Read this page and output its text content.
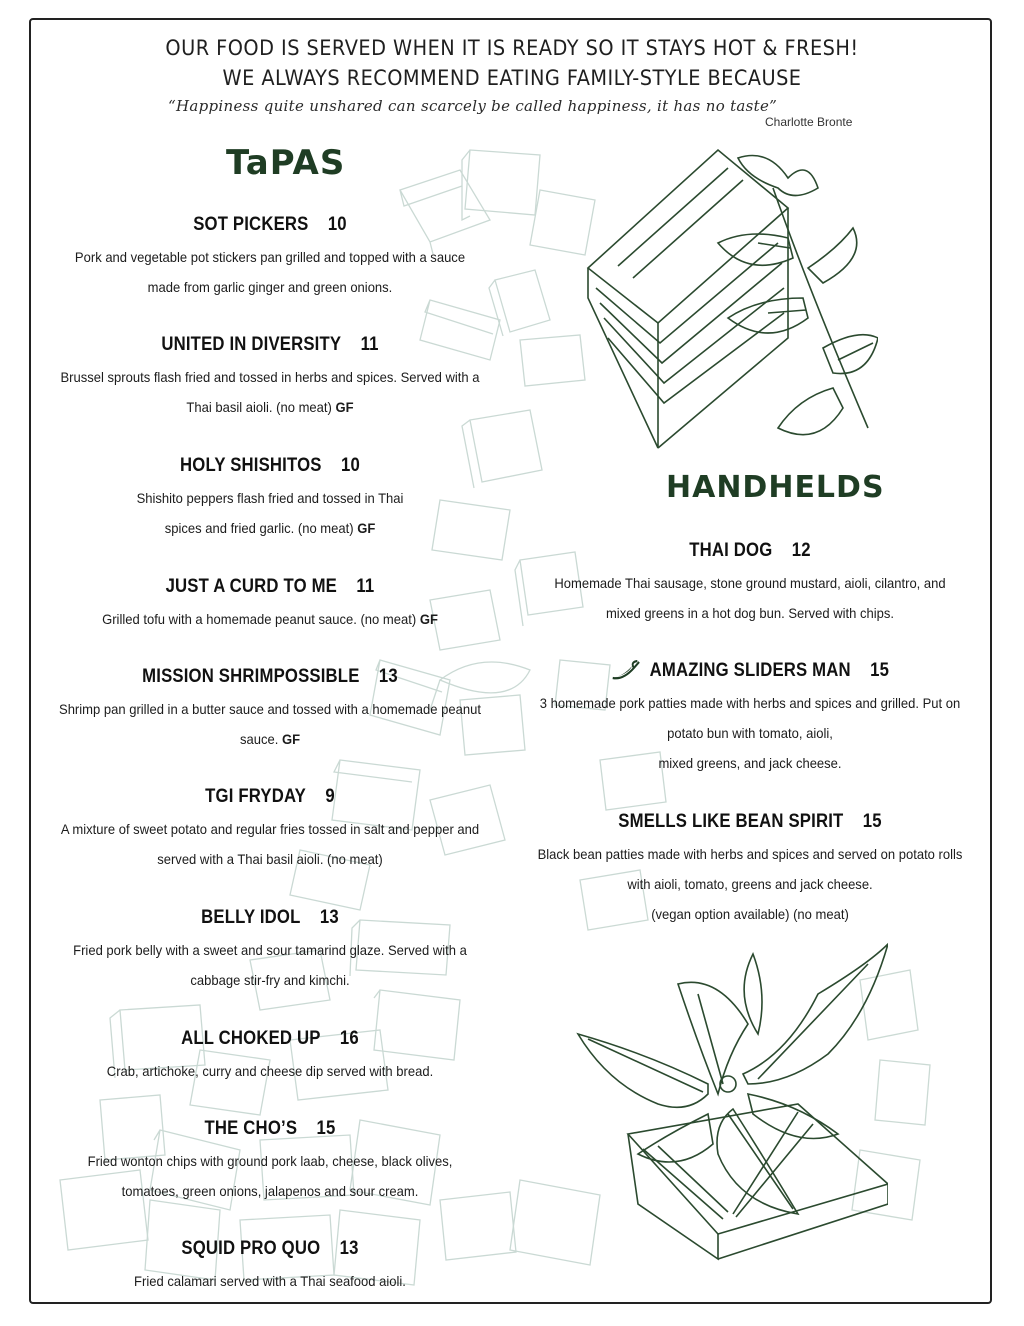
OUR FOOD IS SERVED WHEN IT IS READY SO IT STAYS HOT & FRESH!
WE ALWAYS RECOMMEND EATING FAMILY-STYLE BECAUSE
“Happiness quite unshared can scarcely be called happiness, it has no taste”
Charlotte Bronte
TaPAS
HANDHELDS
SOT PICKERS 10
Pork and vegetable pot stickers pan grilled and topped with a sauce
made from garlic ginger and green onions.
UNITED IN DIVERSITY 11
Brussel sprouts flash fried and tossed in herbs and spices. Served with a
Thai basil aioli. (no meat) GF
HOLY SHISHITOS 10
Shishito peppers flash fried and tossed in Thai
spices and fried garlic. (no meat) GF
JUST A CURD TO ME 11
Grilled tofu with a homemade peanut sauce. (no meat) GF
MISSION SHRIMPOSSIBLE 13
Shrimp pan grilled in a butter sauce and tossed with a homemade peanut
sauce. GF
TGI FRYDAY 9
A mixture of sweet potato and regular fries tossed in salt and pepper and
served with a Thai basil aioli. (no meat)
BELLY IDOL 13
Fried pork belly with a sweet and sour tamarind glaze. Served with a
cabbage stir-fry and kimchi.
ALL CHOKED UP 16
Crab, artichoke, curry and cheese dip served with bread.
THE CHO’S 15
Fried wonton chips with ground pork laab, cheese, black olives,
tomatoes, green onions, jalapenos and sour cream.
SQUID PRO QUO 13
Fried calamari served with a Thai seafood aioli.
THAI DOG 12
Homemade Thai sausage, stone ground mustard, aioli, cilantro, and
mixed greens in a hot dog bun. Served with chips.
AMAZING SLIDERS MAN 15
3 homemade pork patties made with herbs and spices and grilled. Put on
potato bun with tomato, aioli,
mixed greens, and jack cheese.
SMELLS LIKE BEAN SPIRIT 15
Black bean patties made with herbs and spices and served on potato rolls
with aioli, tomato, greens and jack cheese.
(vegan option available) (no meat)
